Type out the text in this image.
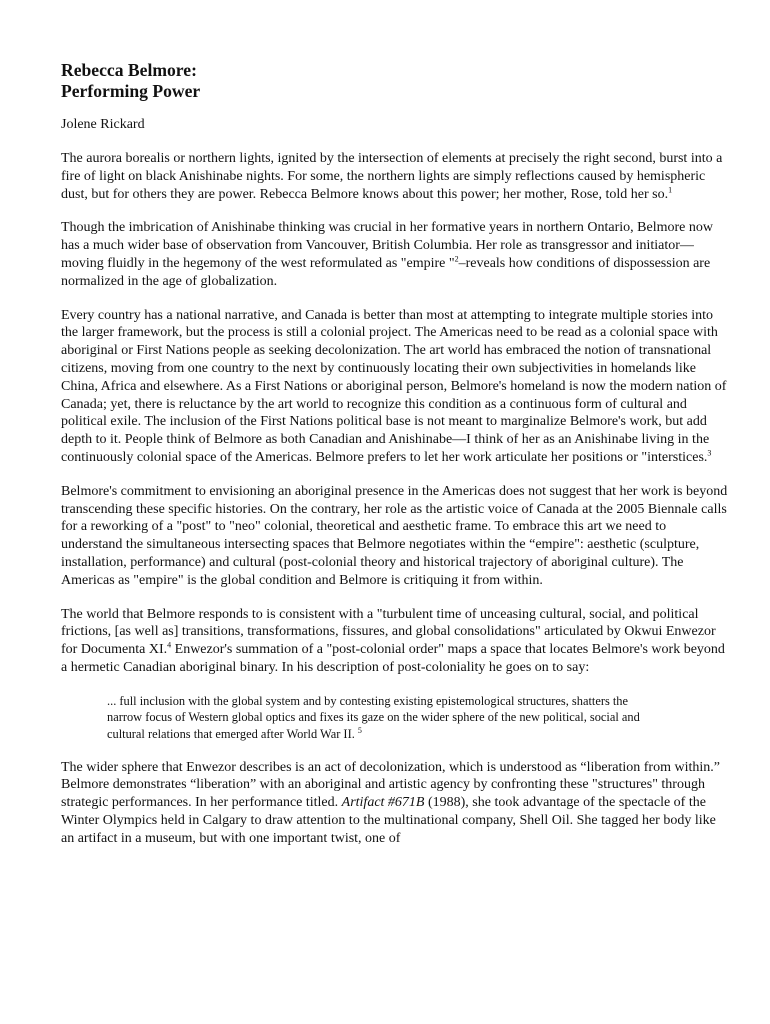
Rebecca Belmore:
Performing Power

Jolene Rickard

The aurora borealis or northern lights, ignited by the intersection of elements at precisely the right second, burst into a fire of light on black Anishinabe nights. For some, the northern lights are simply reflections caused by hemispheric dust, but for others they are power. Rebecca Belmore knows about this power; her mother, Rose, told her so.$^1$

Though the imbrication of Anishinabe thinking was crucial in her formative years in northern Ontario, Belmore now has a much wider base of observation from Vancouver, British Columbia. Her role as transgressor and initiator—moving fluidly in the hegemony of the west reformulated as "empire "$^2$–reveals how conditions of dispossession are normalized in the age of globalization.

Every country has a national narrative, and Canada is better than most at attempting to integrate multiple stories into the larger framework, but the process is still a colonial project. The Americas need to be read as a colonial space with aboriginal or First Nations people as seeking decolonization. The art world has embraced the notion of transnational citizens, moving from one country to the next by continuously locating their own subjectivities in homelands like China, Africa and elsewhere. As a First Nations or aboriginal person, Belmore's homeland is now the modern nation of Canada; yet, there is reluctance by the art world to recognize this condition as a continuous form of cultural and political exile. The inclusion of the First Nations political base is not meant to marginalize Belmore's work, but add depth to it. People think of Belmore as both Canadian and Anishinabe—I think of her as an Anishinabe living in the continuously colonial space of the Americas. Belmore prefers to let her work articulate her positions or "interstices.$^3$

Belmore's commitment to envisioning an aboriginal presence in the Americas does not suggest that her work is beyond transcending these specific histories. On the contrary, her role as the artistic voice of Canada at the 2005 Biennale calls for a reworking of a "post" to "neo" colonial, theoretical and aesthetic frame. To embrace this art we need to understand the simultaneous intersecting spaces that Belmore negotiates within the “empire": aesthetic (sculpture, installation, performance) and cultural (post-colonial theory and historical trajectory of aboriginal culture). The Americas as "empire" is the global condition and Belmore is critiquing it from within.

The world that Belmore responds to is consistent with a "turbulent time of unceasing cultural, social, and political frictions, [as well as] transitions, transformations, fissures, and global consolidations" articulated by Okwui Enwezor for Documenta XI.$^4$ Enwezor's summation of a "post-colonial order" maps a space that locates Belmore's work beyond a hermetic Canadian aboriginal binary. In his description of post-coloniality he goes on to say:

... full inclusion with the global system and by contesting existing epistemological structures, shatters the narrow focus of Western global optics and fixes its gaze on the wider sphere of the new political, social and cultural relations that emerged after World War II. $^5$

The wider sphere that Enwezor describes is an act of decolonization, which is understood as “liberation from within.” Belmore demonstrates “liberation” with an aboriginal and artistic agency by confronting these "structures" through strategic performances. In her performance titled. Artifact #671B (1988), she took advantage of the spectacle of the Winter Olympics held in Calgary to draw attention to the multinational company, Shell Oil. She tagged her body like an artifact in a museum, but with one important twist, one of
